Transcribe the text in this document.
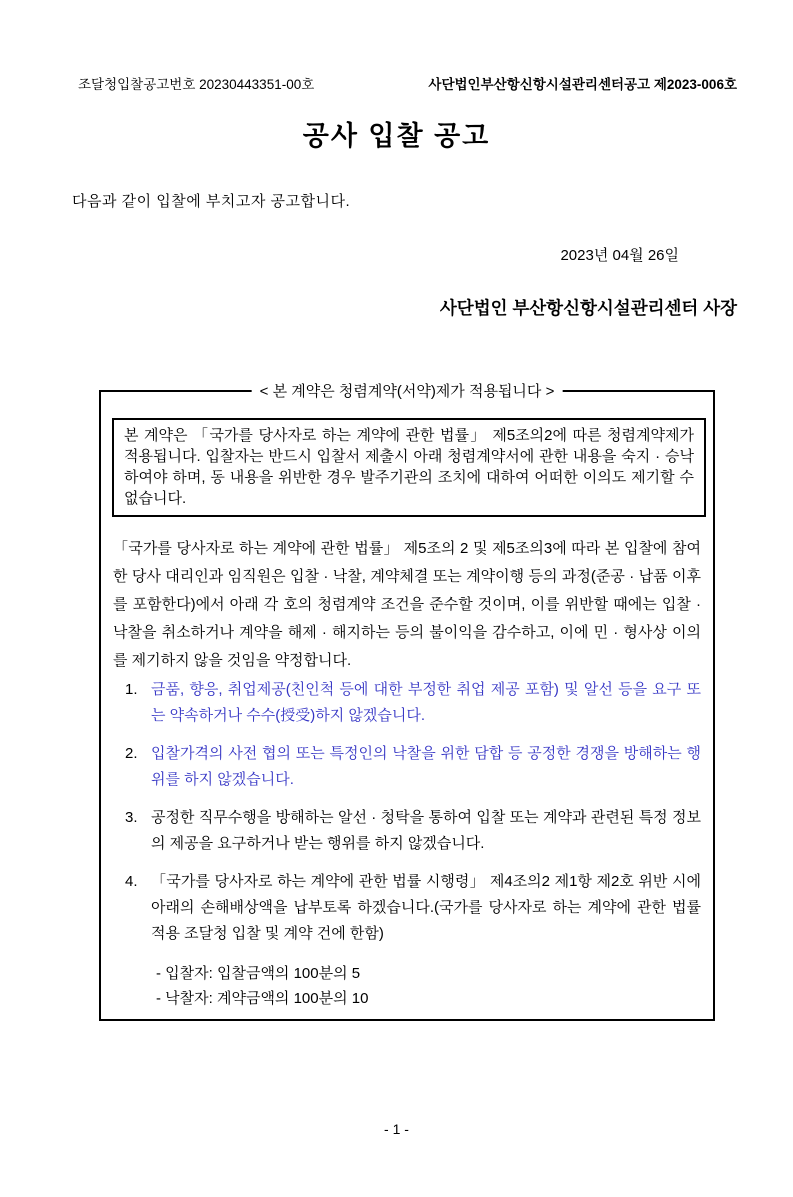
조달청입찰공고번호 20230443351-00호	사단법인부산항신항시설관리센터공고 제2023-006호
공사 입찰 공고
다음과 같이 입찰에 부치고자 공고합니다.
2023년 04월 26일
사단법인 부산항신항시설관리센터 사장
< 본 계약은 청렴계약(서약)제가 적용됩니다 >
본 계약은 「국가를 당사자로 하는 계약에 관한 법률」 제5조의2에 따른 청렴계약제가 적용됩니다. 입찰자는 반드시 입찰서 제출시 아래 청렴계약서에 관한 내용을 숙지 · 승낙하여야 하며, 동 내용을 위반한 경우 발주기관의 조치에 대하여 어떠한 이의도 제기할 수 없습니다.
「국가를 당사자로 하는 계약에 관한 법률」 제5조의 2 및 제5조의3에 따라 본 입찰에 참여한 당사 대리인과 임직원은 입찰 · 낙찰, 계약체결 또는 계약이행 등의 과정(준공 · 납품 이후를 포함한다)에서 아래 각 호의 청렴계약 조건을 준수할 것이며, 이를 위반할 때에는 입찰 · 낙찰을 취소하거나 계약을 해제 · 해지하는 등의 불이익을 감수하고, 이에 민 · 형사상 이의를 제기하지 않을 것임을 약정합니다.
1. 금품, 향응, 취업제공(친인척 등에 대한 부정한 취업 제공 포함) 및 알선 등을 요구 또는 약속하거나 수수(授受)하지 않겠습니다.
2. 입찰가격의 사전 협의 또는 특정인의 낙찰을 위한 담합 등 공정한 경쟁을 방해하는 행위를 하지 않겠습니다.
3. 공정한 직무수행을 방해하는 알선 · 청탁을 통하여 입찰 또는 계약과 관련된 특정 정보의 제공을 요구하거나 받는 행위를 하지 않겠습니다.
4. 「국가를 당사자로 하는 계약에 관한 법률 시행령」 제4조의2 제1항 제2호 위반 시에 아래의 손해배상액을 납부토록 하겠습니다.(국가를 당사자로 하는 계약에 관한 법률 적용 조달청 입찰 및 계약 건에 한함)
- 입찰자: 입찰금액의 100분의 5
- 낙찰자: 계약금액의 100분의 10
- 1 -
